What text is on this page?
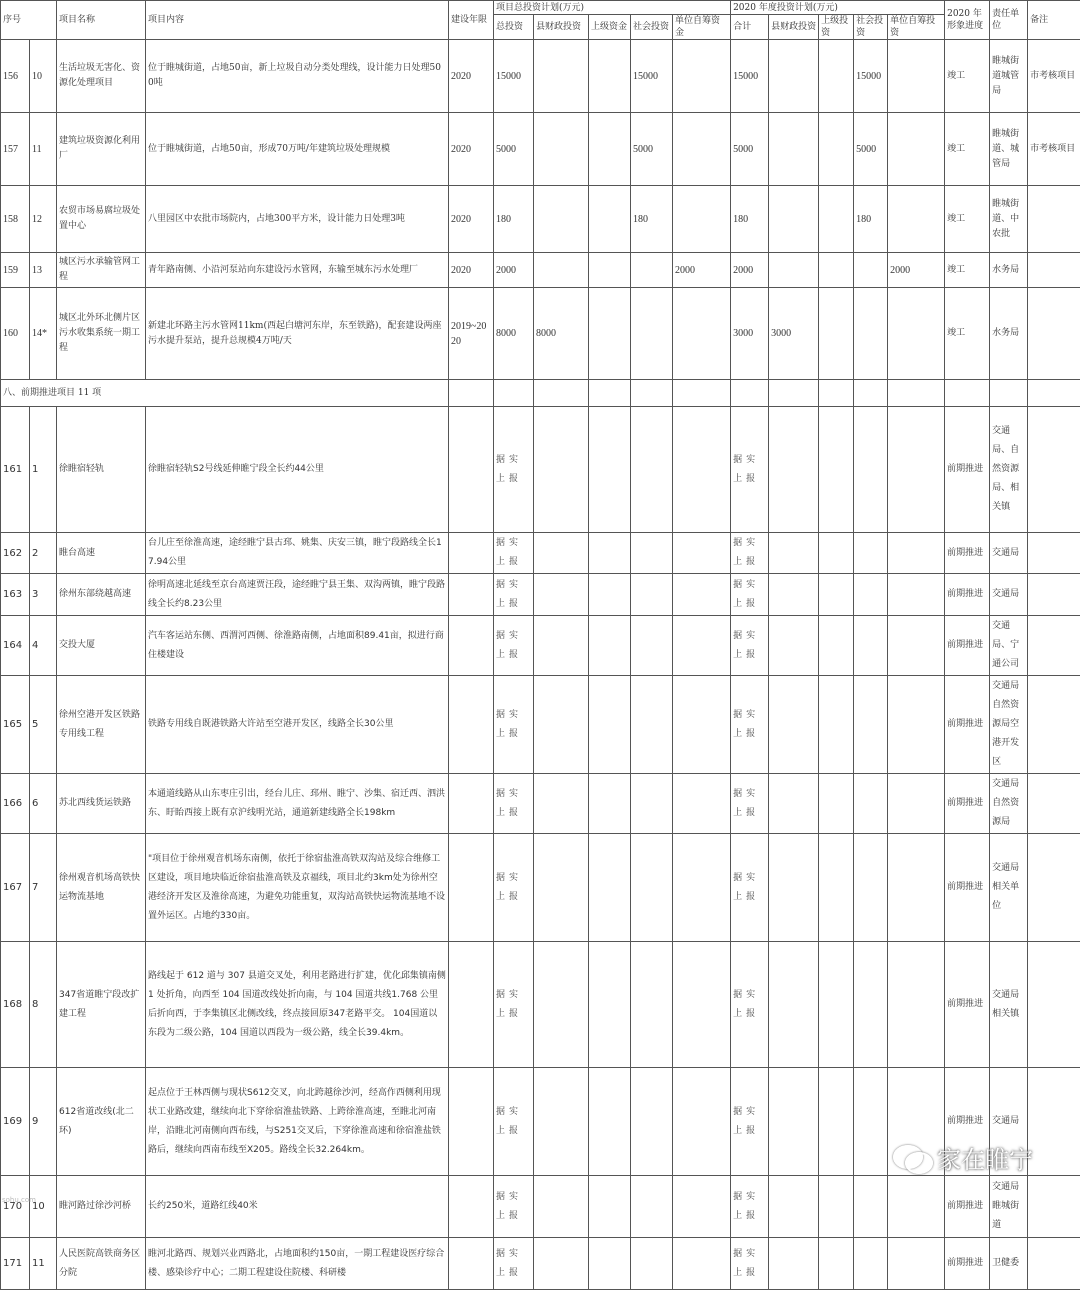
序号		项目名称	项目内容	建设年限	项目总投资计划(万元)					2020 年度投资计划(万元)					2020 年 形象进度	责任单位	备注
					总投资	县财政投资	上级资金	社会投资	单位自筹资金	合计	县财政投资	上级投资	社会投资	单位自筹投资			
156	10	生活垃圾无害化、资源化处理项目	位于睢城街道，占地50亩，新上垃圾自动分类处理线，设计能力日处理500吨	2020	15000			15000		15000			15000		竣工	睢城街道城管局	市考核项目
157	11	建筑垃圾资源化利用厂	位于睢城街道，占地50亩，形成70万吨/年建筑垃圾处理规模	2020	5000			5000		5000			5000		竣工	睢城街道、城管局	市考核项目
158	12	农贸市场易腐垃圾处置中心	八里园区中农批市场院内，占地300平方米，设计能力日处理3吨	2020	180			180		180			180		竣工	睢城街道、中农批	
159	13	城区污水承输管网工程	青年路南侧、小沿河泵站向东建设污水管网，东输至城东污水处理厂	2020	2000				2000	2000				2000	竣工	水务局	
160	14*	城区北外环北侧片区污水收集系统一期工程	新建北环路主污水管网11km(西起白塘河东岸，东至铁路)，配套建设两座污水提升泵站，提升总规模4万吨/天	2019~2020	8000	8000				3000	3000				竣工	水务局	
八、前期推进项目 11 项																	
161	1	徐睢宿轻轨	徐睢宿轻轨S2号线延伸睢宁段全长约44公里		据实上报					据实上报					前期推进	交通局、自然资源局、相关镇	
162	2	睢台高速	台儿庄至徐淮高速，途经睢宁县古邳、姚集、庆安三镇，睢宁段路线全长17.94公里		据实上报					据实上报					前期推进	交通局	
163	3	徐州东部绕越高速	徐明高速北延线至京台高速贾汪段，途经睢宁县王集、双沟两镇，睢宁段路线全长约8.23公里		据实上报					据实上报					前期推进	交通局	
164	4	交投大厦	汽车客运站东侧、西渭河西侧、徐淮路南侧，占地面积89.41亩，拟进行商住楼建设		据实上报					据实上报					前期推进	交通局、宁通公司	
165	5	徐州空港开发区铁路专用线工程	铁路专用线自既港铁路大许站至空港开发区，线路全长30公里		据实上报					据实上报					前期推进	交通局自然资源局空港开发区	
166	6	苏北西线货运铁路	本通道线路从山东枣庄引出，经台儿庄、邳州、睢宁、沙集、宿迁西、泗洪东、盱眙西接上既有京沪线明光站，通道新建线路全长198km		据实上报					据实上报					前期推进	交通局自然资源局	
167	7	徐州观音机场高铁快运物流基地	"项目位于徐州观音机场东南侧，依托于徐宿盐淮高铁双沟站及综合维修工区建设，项目地块临近徐宿盐淮高铁及京福线，项目北约3km处为徐州空港经济开发区及淮徐高速，为避免功能重复，双沟站高铁快运物流基地不设置外运区。占地约330亩。		据实上报					据实上报					前期推进	交通局相关单位	
168	8	347省道睢宁段改扩建工程	路线起于 612 道与 307 县道交叉处，利用老路进行扩建，优化邱集镇南侧 1 处折角，向西至 104 国道改线处折向南，与 104 国道共线1.768 公里后折向西，于李集镇区北侧改线，终点接回原347老路平交。 104国道以东段为二级公路，104 国道以西段为一级公路，线全长39.4km。		据实上报					据实上报					前期推进	交通局相关镇	
169	9	612省道改线(北二环)	起点位于王林西侧与现状S612交叉，向北跨越徐沙河，经高作西侧利用现状工业路改建，继续向北下穿徐宿淮盐铁路、上跨徐淮高速，至睢北河南岸，沿睢北河南侧向西布线，与S251交叉后，下穿徐淮高速和徐宿淮盐铁路后，继续向西南布线至X205。路线全长32.264km。		据实上报					据实上报					前期推进	交通局	
170	10	睢河路过徐沙河桥	长约250米，道路红线40米		据实上报					据实上报					前期推进	交通局睢城街道	
171	11	人民医院高铁商务区分院	睢河北路西、规划兴业西路北，占地面积约150亩，一期工程建设医疗综合楼、感染诊疗中心；二期工程建设住院楼、科研楼		据实上报					据实上报					前期推进	卫健委	
家在睢宁
sohu.com
